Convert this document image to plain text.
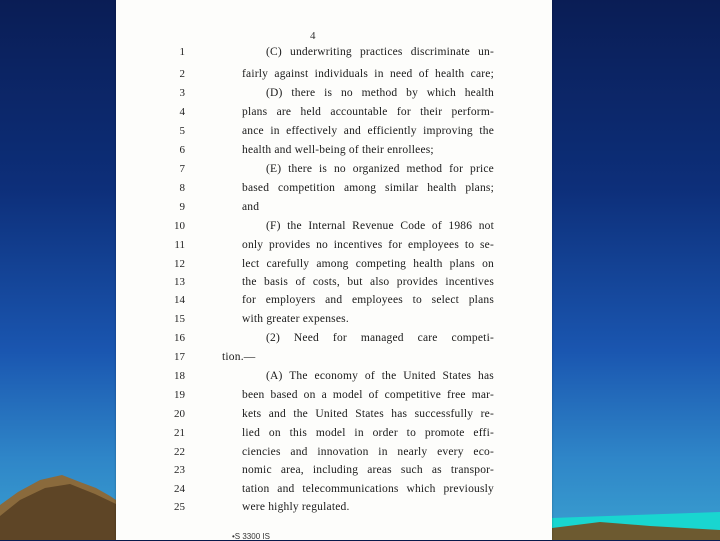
4
1	(C) underwriting practices discriminate un-
2	fairly against individuals in need of health care;
3	(D) there is no method by which health
4	plans are held accountable for their perform-
5	ance in effectively and efficiently improving the
6	health and well-being of their enrollees;
7	(E) there is no organized method for price
8	based competition among similar health plans;
9	and
10	(F) the Internal Revenue Code of 1986 not
11	only provides no incentives for employees to se-
12	lect carefully among competing health plans on
13	the basis of costs, but also provides incentives
14	for employers and employees to select plans
15	with greater expenses.
16	(2) Need for managed care competi-
17	tion.—
18	(A) The economy of the United States has
19	been based on a model of competitive free mar-
20	kets and the United States has successfully re-
21	lied on this model in order to promote effi-
22	ciencies and innovation in nearly every eco-
23	nomic area, including areas such as transpor-
24	tation and telecommunications which previously
25	were highly regulated.
•S 3300 IS
